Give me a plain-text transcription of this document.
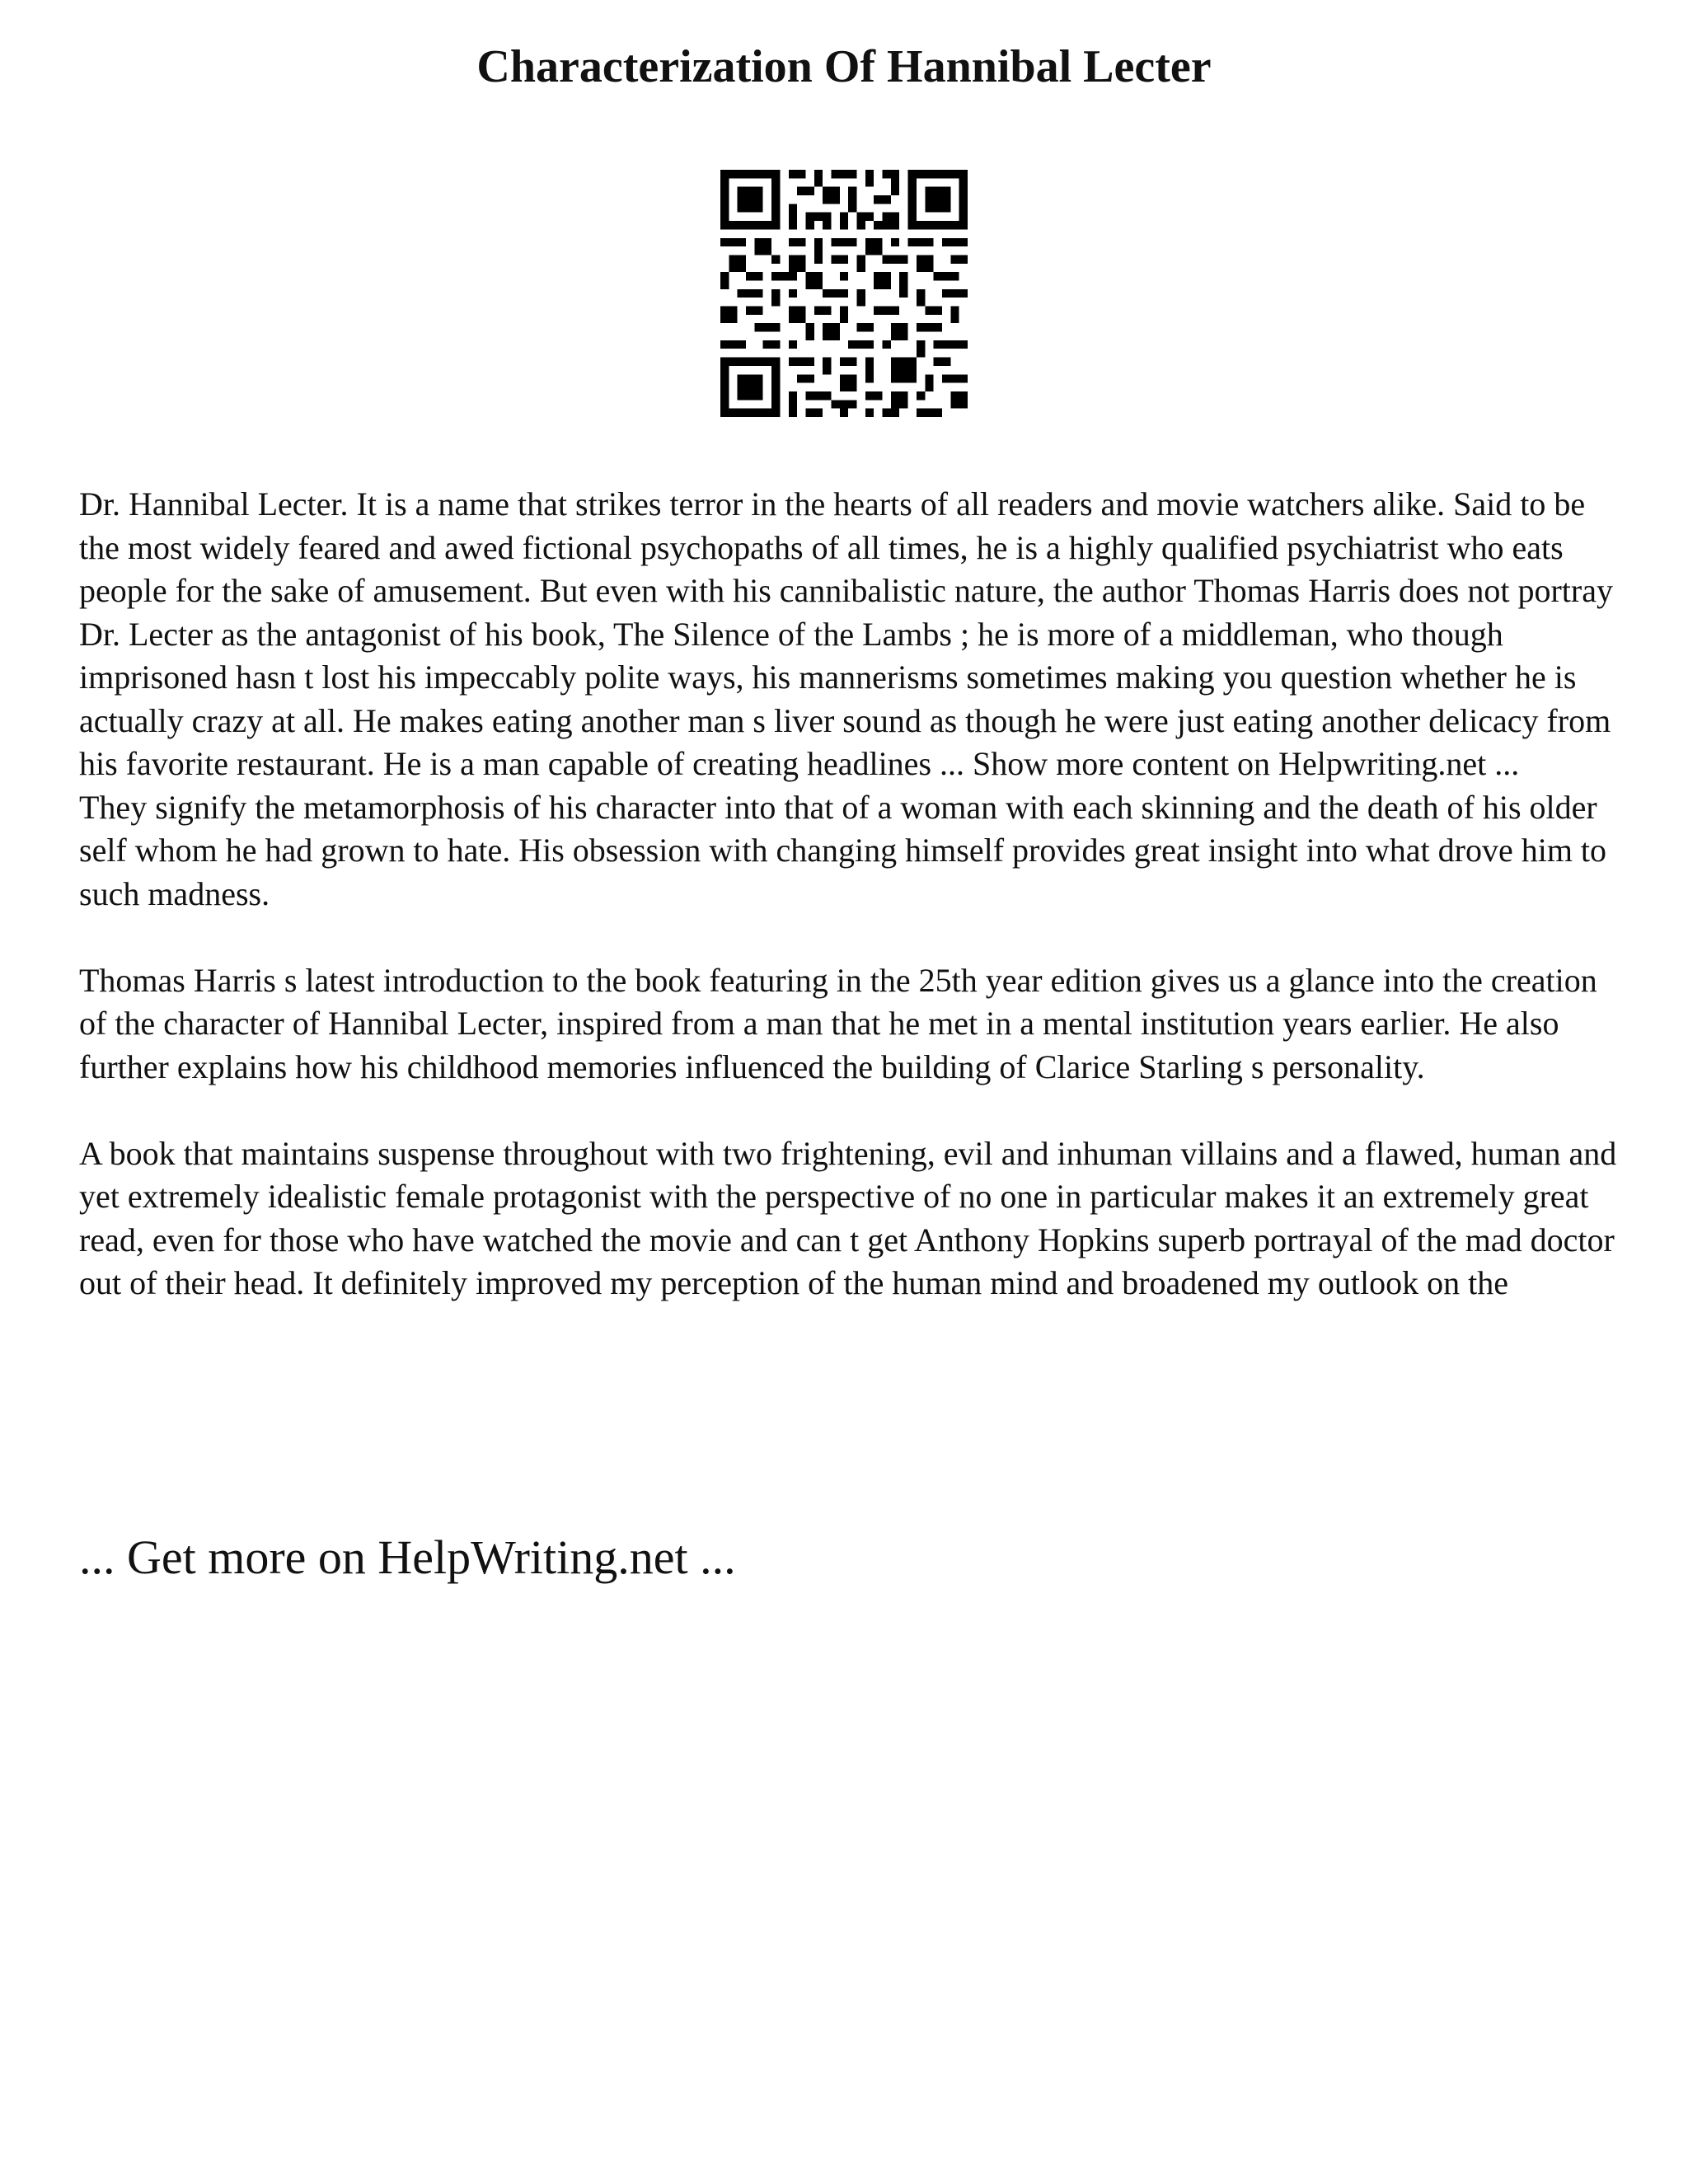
Characterization Of Hannibal Lecter

Dr. Hannibal Lecter. It is a name that strikes terror in the hearts of all readers and movie watchers alike. Said to be the most widely feared and awed fictional psychopaths of all times, he is a highly qualified psychiatrist who eats people for the sake of amusement. But even with his cannibalistic nature, the author Thomas Harris does not portray Dr. Lecter as the antagonist of his book, The Silence of the Lambs ; he is more of a middleman, who though imprisoned hasn t lost his impeccably polite ways, his mannerisms sometimes making you question whether he is actually crazy at all. He makes eating another man s liver sound as though he were just eating another delicacy from his favorite restaurant. He is a man capable of creating headlines ... Show more content on Helpwriting.net ...

They signify the metamorphosis of his character into that of a woman with each skinning and the death of his older self whom he had grown to hate. His obsession with changing himself provides great insight into what drove him to such madness.

Thomas Harris s latest introduction to the book featuring in the 25th year edition gives us a glance into the creation of the character of Hannibal Lecter, inspired from a man that he met in a mental institution years earlier. He also further explains how his childhood memories influenced the building of Clarice Starling s personality.

A book that maintains suspense throughout with two frightening, evil and inhuman villains and a flawed, human and yet extremely idealistic female protagonist with the perspective of no one in particular makes it an extremely great read, even for those who have watched the movie and can t get Anthony Hopkins superb portrayal of the mad doctor out of their head. It definitely improved my perception of the human mind and broadened my outlook on the

... Get more on HelpWriting.net ...
